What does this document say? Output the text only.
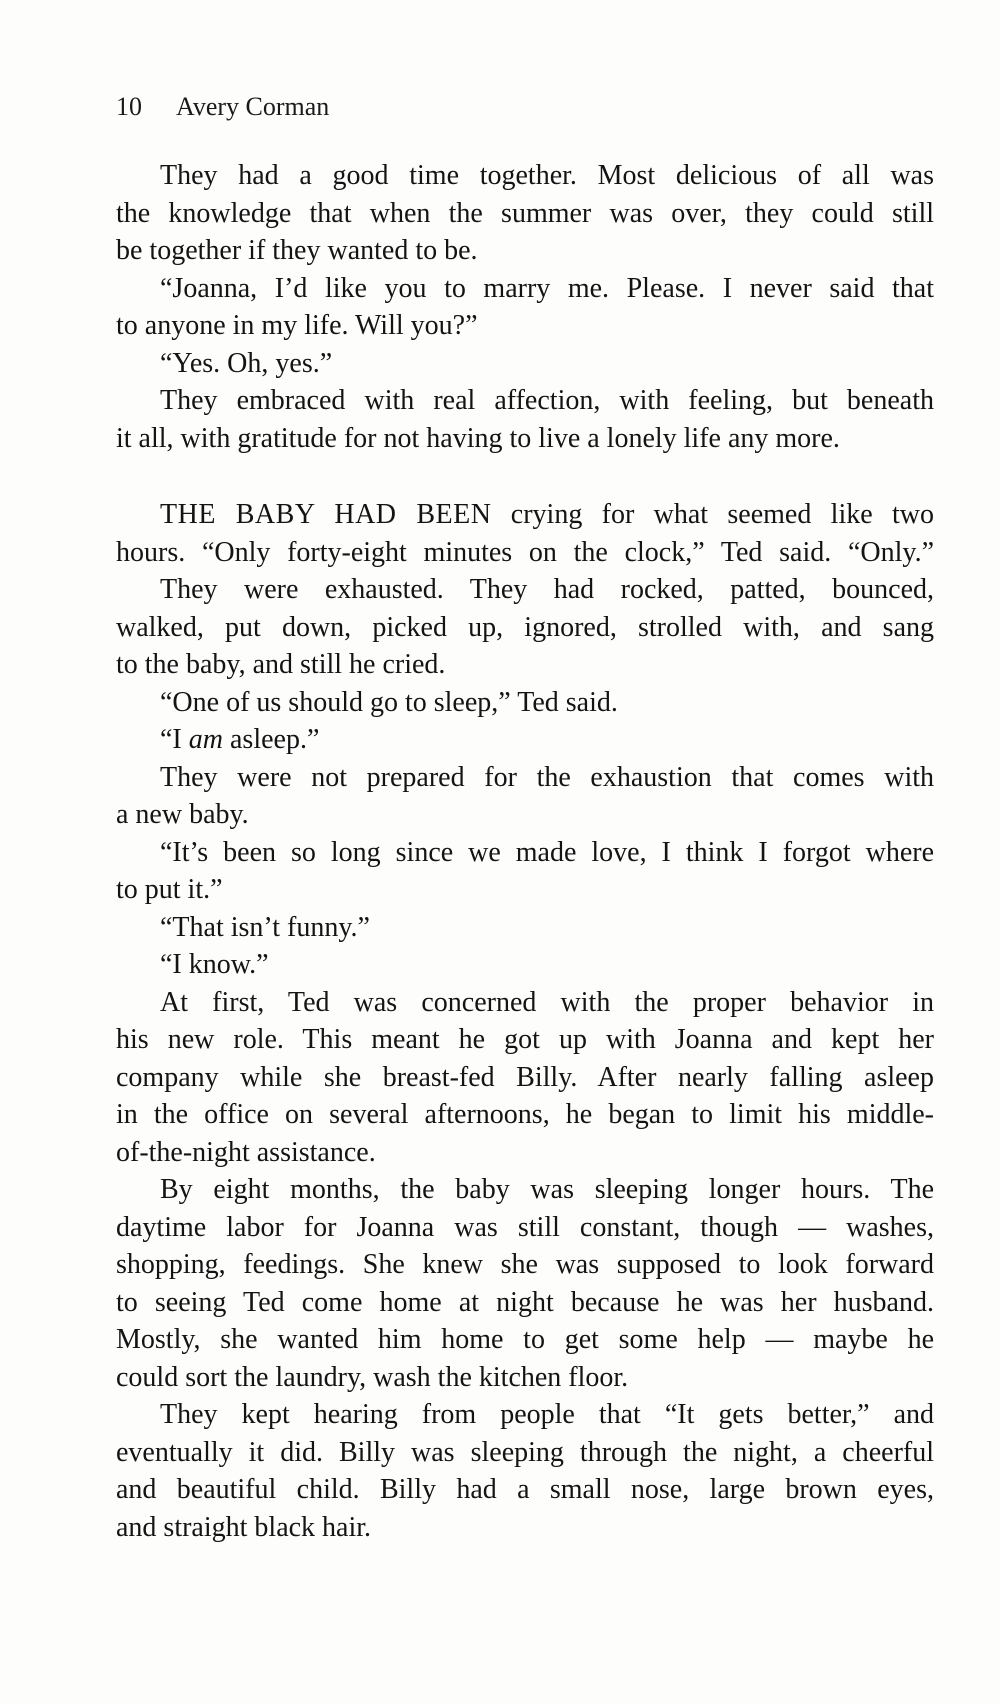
10 Avery Corman
They had a good time together. Most delicious of all was
the knowledge that when the summer was over, they could still
be together if they wanted to be.
“Joanna, I’d like you to marry me. Please. I never said that
to anyone in my life. Will you?”
“Yes. Oh, yes.”
They embraced with real affection, with feeling, but beneath
it all, with gratitude for not having to live a lonely life any more.
THE BABY HAD BEEN crying for what seemed like two
hours. “Only forty-eight minutes on the clock,” Ted said. “Only.”
They were exhausted. They had rocked, patted, bounced,
walked, put down, picked up, ignored, strolled with, and sang
to the baby, and still he cried.
“One of us should go to sleep,” Ted said.
“I am asleep.”
They were not prepared for the exhaustion that comes with
a new baby.
“It’s been so long since we made love, I think I forgot where
to put it.”
“That isn’t funny.”
“I know.”
At first, Ted was concerned with the proper behavior in
his new role. This meant he got up with Joanna and kept her
company while she breast-fed Billy. After nearly falling asleep
in the office on several afternoons, he began to limit his middle-
of-the-night assistance.
By eight months, the baby was sleeping longer hours. The
daytime labor for Joanna was still constant, though — washes,
shopping, feedings. She knew she was supposed to look forward
to seeing Ted come home at night because he was her husband.
Mostly, she wanted him home to get some help — maybe he
could sort the laundry, wash the kitchen floor.
They kept hearing from people that “It gets better,” and
eventually it did. Billy was sleeping through the night, a cheerful
and beautiful child. Billy had a small nose, large brown eyes,
and straight black hair.
